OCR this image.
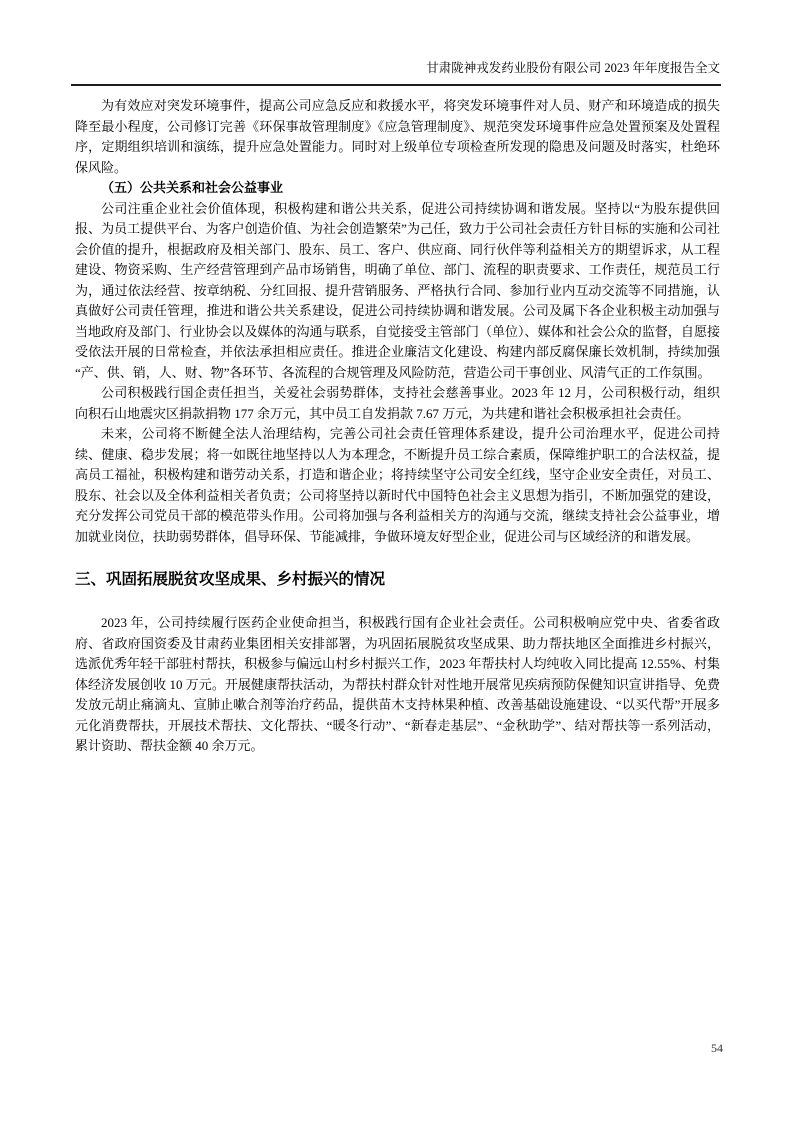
甘肃陇神戎发药业股份有限公司 2023 年年度报告全文

为有效应对突发环境事件，提高公司应急反应和救援水平，将突发环境事件对人员、财产和环境造成的损失降至最小程度，公司修订完善《环保事故管理制度》《应急管理制度》、规范突发环境事件应急处置预案及处置程序，定期组织培训和演练，提升应急处置能力。同时对上级单位专项检查所发现的隐患及问题及时落实，杜绝环保风险。

（五）公共关系和社会公益事业

公司注重企业社会价值体现，积极构建和谐公共关系，促进公司持续协调和谐发展。坚持以“为股东提供回报、为员工提供平台、为客户创造价值、为社会创造繁荣”为己任，致力于公司社会责任方针目标的实施和公司社会价值的提升，根据政府及相关部门、股东、员工、客户、供应商、同行伙伴等利益相关方的期望诉求，从工程建设、物资采购、生产经营管理到产品市场销售，明确了单位、部门、流程的职责要求、工作责任，规范员工行为，通过依法经营、按章纳税、分红回报、提升营销服务、严格执行合同、参加行业内互动交流等不同措施，认真做好公司责任管理，推进和谐公共关系建设，促进公司持续协调和谐发展。公司及属下各企业积极主动加强与当地政府及部门、行业协会以及媒体的沟通与联系，自觉接受主管部门（单位）、媒体和社会公众的监督，自愿接受依法开展的日常检查，并依法承担相应责任。推进企业廉洁文化建设、构建内部反腐保廉长效机制，持续加强“产、供、销，人、财、物”各环节、各流程的合规管理及风险防范，营造公司干事创业、风清气正的工作氛围。

公司积极践行国企责任担当，关爱社会弱势群体，支持社会慈善事业。2023 年 12 月，公司积极行动，组织向积石山地震灾区捐款捐物 177 余万元，其中员工自发捐款 7.67 万元，为共建和谐社会积极承担社会责任。

未来，公司将不断健全法人治理结构，完善公司社会责任管理体系建设，提升公司治理水平，促进公司持续、健康、稳步发展；将一如既往地坚持以人为本理念，不断提升员工综合素质，保障维护职工的合法权益，提高员工福祉，积极构建和谐劳动关系，打造和谐企业；将持续坚守公司安全红线，坚守企业安全责任，对员工、股东、社会以及全体利益相关者负责；公司将坚持以新时代中国特色社会主义思想为指引，不断加强党的建设，充分发挥公司党员干部的模范带头作用。公司将加强与各利益相关方的沟通与交流，继续支持社会公益事业，增加就业岗位，扶助弱势群体，倡导环保、节能减排，争做环境友好型企业，促进公司与区域经济的和谐发展。

三、巩固拓展脱贫攻坚成果、乡村振兴的情况

2023 年，公司持续履行医药企业使命担当，积极践行国有企业社会责任。公司积极响应党中央、省委省政府、省政府国资委及甘肃药业集团相关安排部署，为巩固拓展脱贫攻坚成果、助力帮扶地区全面推进乡村振兴，选派优秀年轻干部驻村帮扶，积极参与偏远山村乡村振兴工作，2023 年帮扶村人均纯收入同比提高 12.55%、村集体经济发展创收 10 万元。开展健康帮扶活动，为帮扶村群众针对性地开展常见疾病预防保健知识宣讲指导、免费发放元胡止痛滴丸、宣肺止嗽合剂等治疗药品，提供苗木支持林果种植、改善基础设施建设、“以买代帮”开展多元化消费帮扶，开展技术帮扶、文化帮扶、“暖冬行动”、“新春走基层”、“金秋助学”、结对帮扶等一系列活动，累计资助、帮扶金额 40 余万元。

54
